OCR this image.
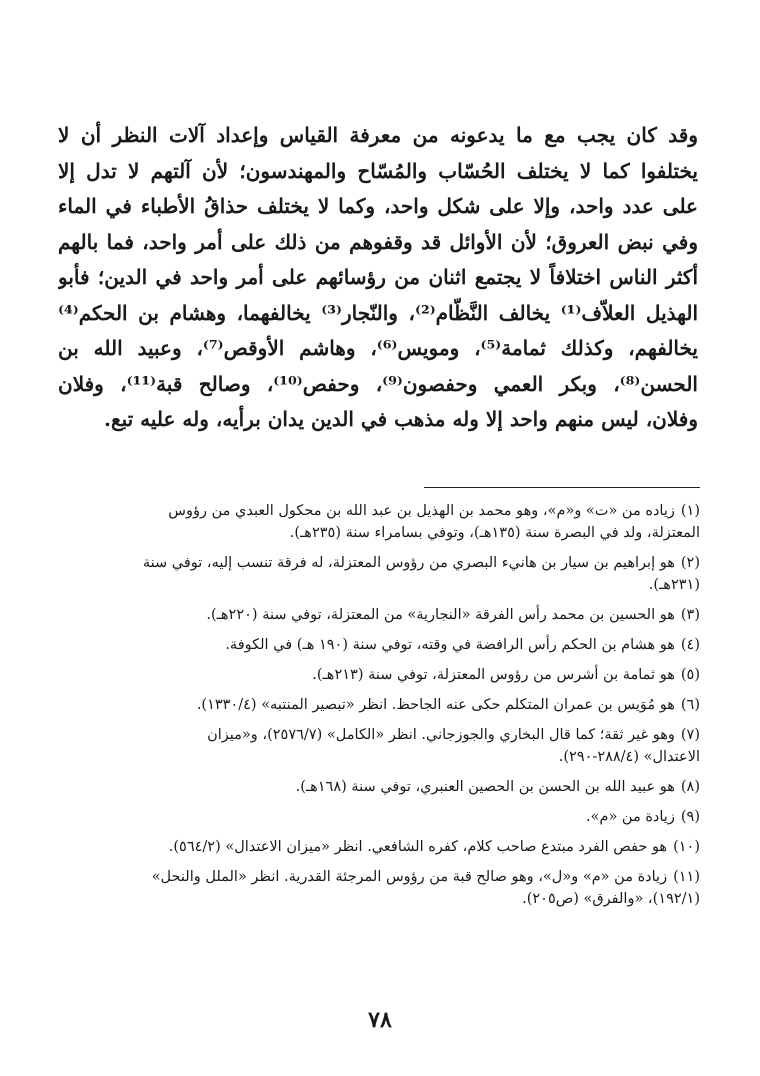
وقد كان يجب مع ما يدعونه من معرفة القياس وإعداد آلات النظر أن لا
يختلفوا كما لا يختلف الحُسّاب والمُسّاح والمهندسون؛ لأن آلتهم لا تدل إلا
على عدد واحد، وإلا على شكل واحد، وكما لا يختلف حذاقُ الأطباء في الماء
وفي نبض العروق؛ لأن الأوائل قد وقفوهم من ذلك على أمر واحد، فما بالهم
أكثر الناس اختلافاً لا يجتمع اثنان من رؤسائهم على أمر واحد في الدين؛ فأبو
الهذيل العلاّف⁽¹⁾ يخالف النَّظّام⁽²⁾، والنّجار⁽³⁾ يخالفهما، وهشام بن الحكم⁽⁴⁾
يخالفهم، وكذلك ثمامة⁽⁵⁾، ومويس⁽⁶⁾، وهاشم الأوقص⁽⁷⁾، وعبيد الله بن
الحسن⁽⁸⁾، وبكر العمي وحفصون⁽⁹⁾، وحفص⁽¹⁰⁾، وصالح قبة⁽¹¹⁾، وفلان
وفلان، ليس منهم واحد إلا وله مذهب في الدين يدان برأيه، وله عليه تبع.
(١)زياده من «ت» و«م»، وهو محمد بن الهذيل بن عبد الله بن محكول العبدي من رؤوس
المعتزلة، ولد في البصرة سنة (١٣٥هـ)، وتوفي بسامراء سنة (٢٣٥هـ).
(٢)هو إبراهيم بن سيار بن هانيء البصري من رؤوس المعتزلة، له فرقة تنسب إليه، توفي سنة
(٢٣١هـ).
(٣)هو الحسين بن محمد رأس الفرقة «النجارية» من المعتزلة، توفي سنة (٢٢٠هـ).
(٤)هو هشام بن الحكم رأس الرافضة في وقته، توفي سنة (١٩٠ هـ) في الكوفة.
(٥)هو ثمامة بن أشرس من رؤوس المعتزلة، توفي سنة (٢١٣هـ).
(٦)هو مُوَيس بن عمران المتكلم حكى عنه الجاحظ. انظر «تبصير المنتبه» (١٣٣٠/٤).
(٧)وهو غير ثقة؛ كما قال البخاري والجوزجاني. انظر «الكامل» (٢٥٧٦/٧)، و«ميزان
الاعتدال» (٢٨٨/٤-٢٩٠).
(٨)هو عبيد الله بن الحسن بن الحصين العنبري، توفي سنة (١٦٨هـ).
(٩)زيادة من «م».
(١٠)هو حفص الفرد مبتدع صاحب كلام، كفره الشافعي. انظر «ميزان الاعتدال» (٥٦٤/٢).
(١١)زيادة من «م» و«ل»، وهو صالح قبة من رؤوس المرجئة القدرية. انظر «الملل والنحل»
(١٩٢/١)، «والفرق» (ص٢٠٥).
٧٨
